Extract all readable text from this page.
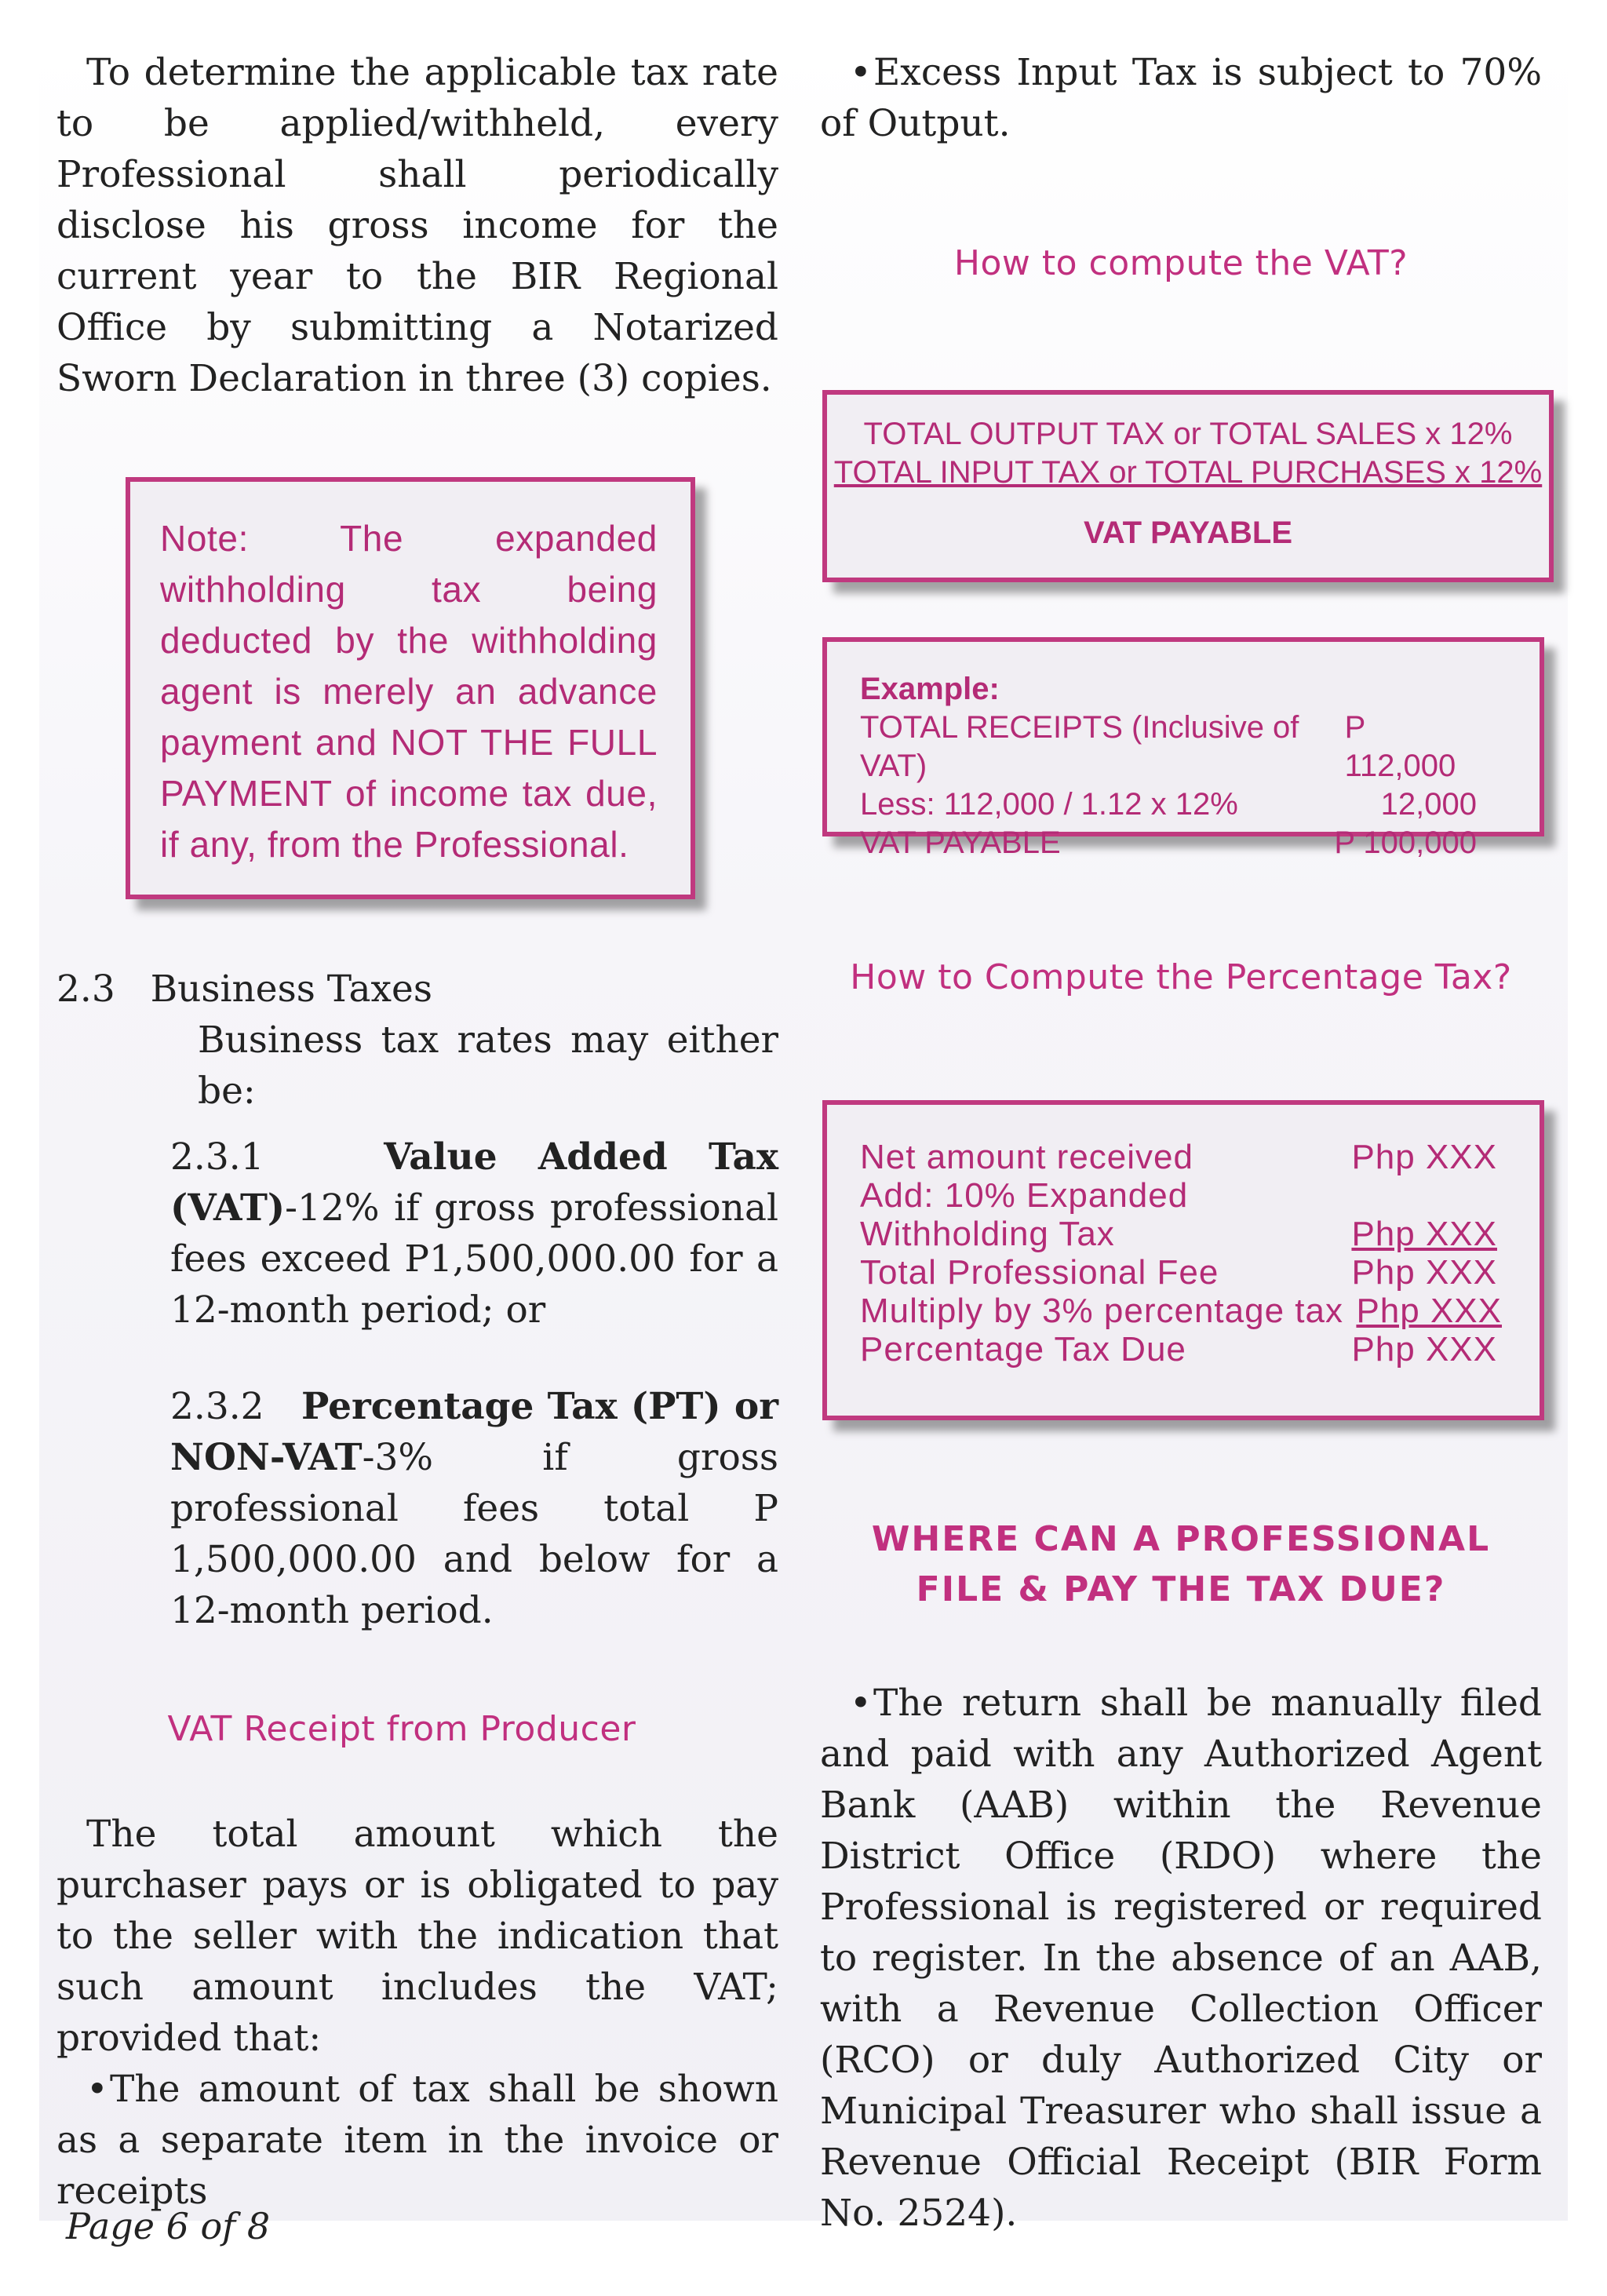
To determine the applicable tax rate to be applied/withheld, every Professional shall periodically disclose his gross income for the current year to the BIR Regional Office by submitting a Notarized Sworn Declaration in three (3) copies.

2.3   Business Taxes

Business tax rates may either be:

2.3.1	Value Added Tax (VAT)-12% if gross professional fees exceed P1,500,000.00 for a 12-month period; or

2.3.2 Percentage Tax (PT) or NON-VAT-3% if gross professional fees total P 1,500,000.00 and below for a 12-month period.

VAT Receipt from Producer

The total amount which the purchaser pays or is obligated to pay to the seller with the indication that such amount includes the VAT; provided that:

•The amount of tax shall be shown as a separate item in the invoice or receipts

Note: The expanded withholding tax being deducted by the withholding agent is merely an advance payment and NOT THE FULL PAYMENT of income tax due, if any, from the Professional.

•Excess Input Tax is subject to 70% of Output.

How to compute the VAT?

How to Compute the Percentage Tax?

WHERE CAN A PROFESSIONAL

FILE & PAY THE TAX DUE?

•The return shall be manually filed and paid with any Authorized Agent Bank (AAB) within the Revenue District Office (RDO) where the Professional is registered or required to register. In the absence of an AAB, with a Revenue Collection Officer (RCO) or duly Authorized City or Municipal Treasurer who shall issue a Revenue Official Receipt (BIR Form No. 2524).

TOTAL OUTPUT TAX or TOTAL SALES x 12%
TOTAL INPUT TAX or TOTAL PURCHASES x 12%
VAT PAYABLE
Example:
TOTAL RECEIPTS (Inclusive of VAT)
P 112,000
Less: 112,000 / 1.12 x 12%	12,000
VAT PAYABLE	P 100,000
Net amount received	Php XXX
Add: 10% Expanded
Withholding Tax	Php XXX
Total Professional Fee	Php XXX
Multiply by 3% percentage tax Php XXX
Percentage Tax Due	Php XXX
Page 6 of 8
